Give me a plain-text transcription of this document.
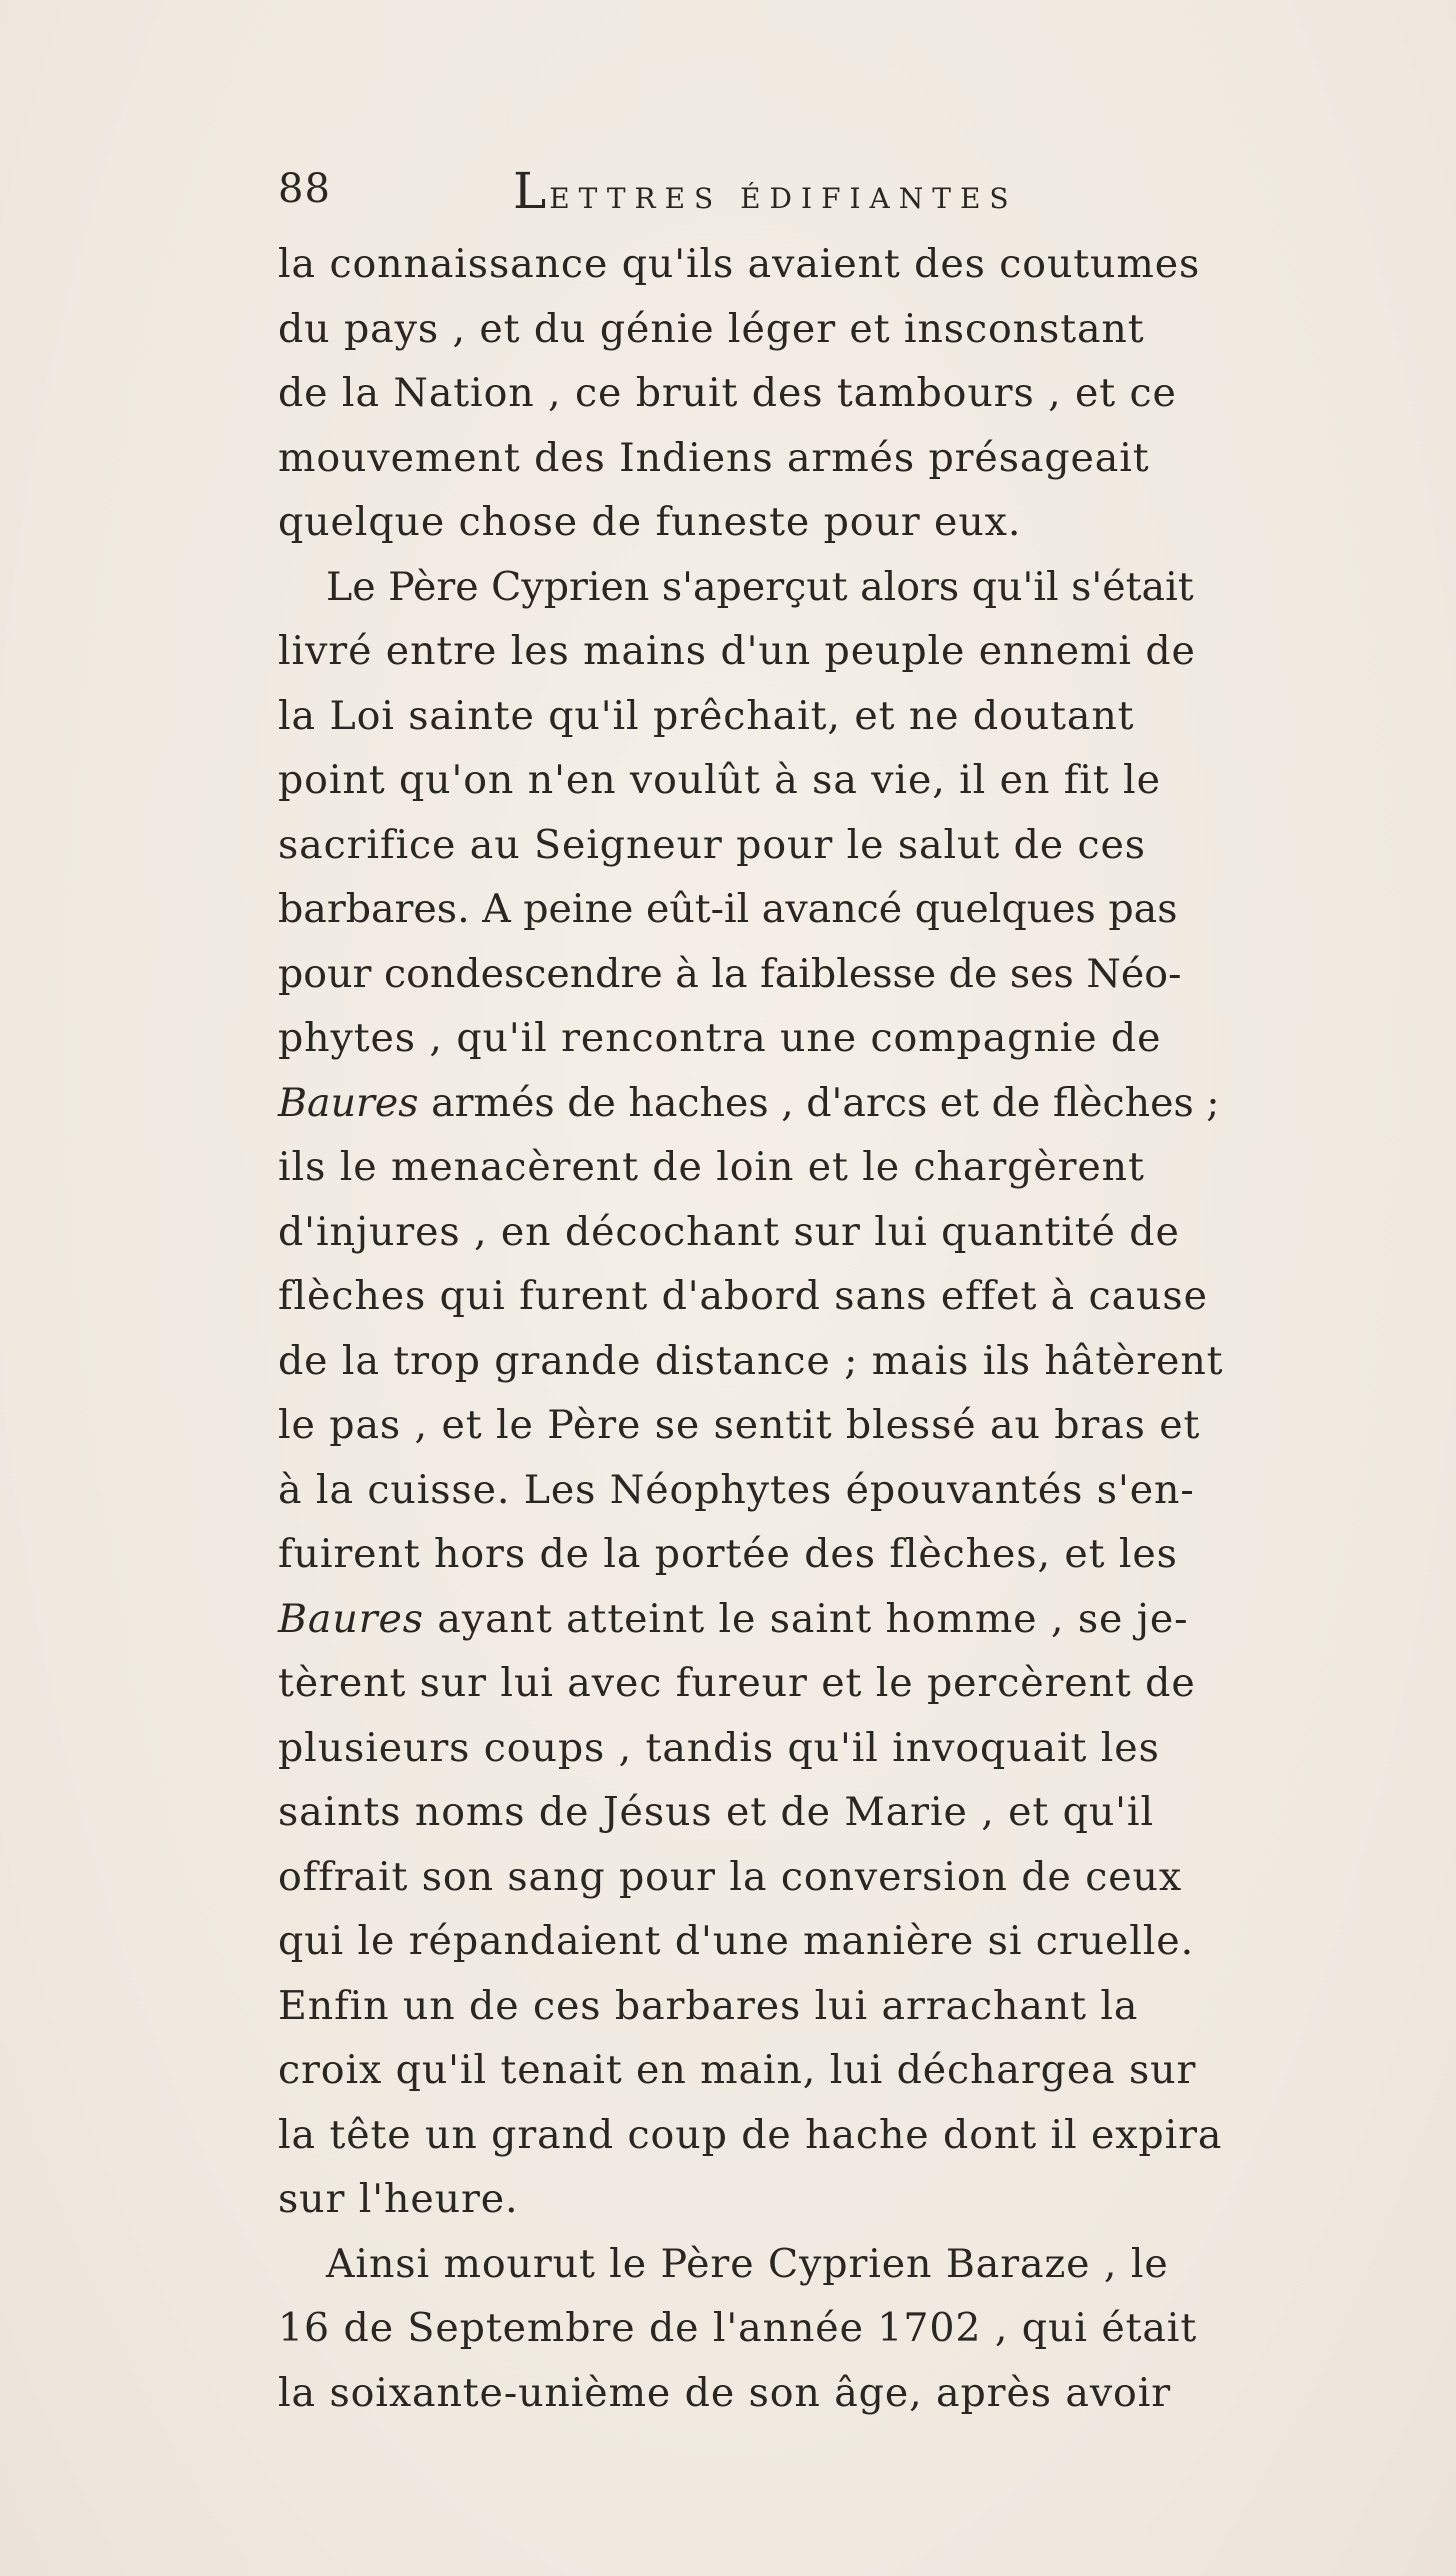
88	LETTRES ÉDIFIANTES
la connaissance qu'ils avaient des coutumes
du pays , et du génie léger et insconstant
de la Nation , ce bruit des tambours , et ce
mouvement des Indiens armés présageait
quelque chose de funeste pour eux.
Le Père Cyprien s'aperçut alors qu'il s'était
livré entre les mains d'un peuple ennemi de
la Loi sainte qu'il prêchait, et ne doutant
point qu'on n'en voulût à sa vie, il en fit le
sacrifice au Seigneur pour le salut de ces
barbares. A peine eût-il avancé quelques pas
pour condescendre à la faiblesse de ses Néo-
phytes , qu'il rencontra une compagnie de
Baures armés de haches , d'arcs et de flèches ;
ils le menacèrent de loin et le chargèrent
d'injures , en décochant sur lui quantité de
flèches qui furent d'abord sans effet à cause
de la trop grande distance ; mais ils hâtèrent
le pas , et le Père se sentit blessé au bras et
à la cuisse. Les Néophytes épouvantés s'en-
fuirent hors de la portée des flèches, et les
Baures ayant atteint le saint homme , se je-
tèrent sur lui avec fureur et le percèrent de
plusieurs coups , tandis qu'il invoquait les
saints noms de Jésus et de Marie , et qu'il
offrait son sang pour la conversion de ceux
qui le répandaient d'une manière si cruelle.
Enfin un de ces barbares lui arrachant la
croix qu'il tenait en main, lui déchargea sur
la tête un grand coup de hache dont il expira
sur l'heure.
Ainsi mourut le Père Cyprien Baraze , le
16 de Septembre de l'année 1702 , qui était
la soixante-unième de son âge, après avoir
